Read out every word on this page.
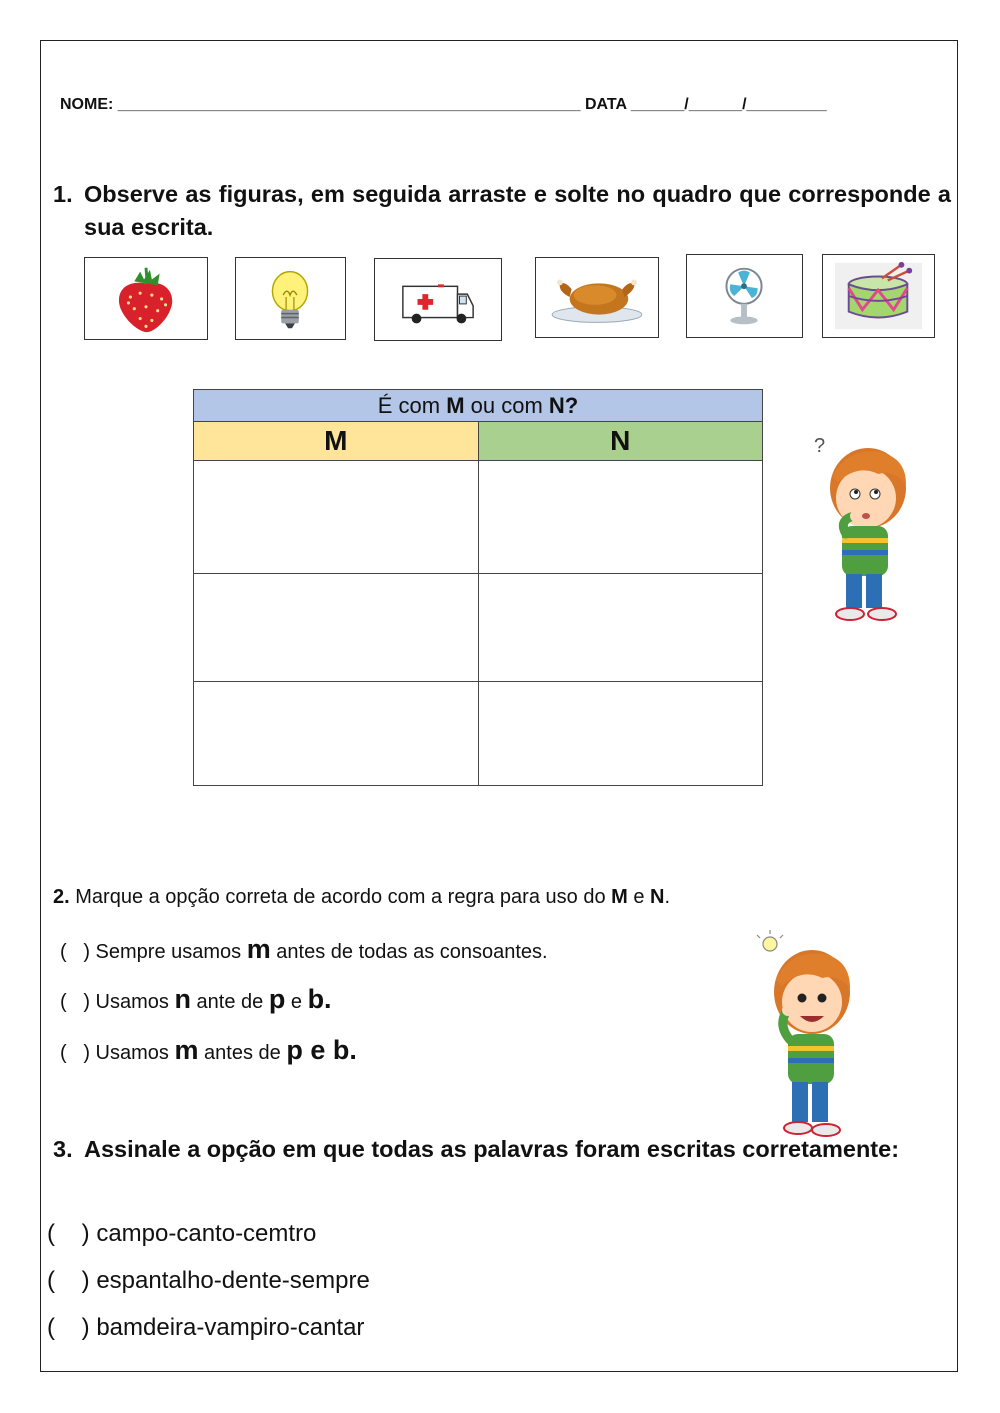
NOME: ____________________________________________________ DATA ______/______/_________
1. Observe as figuras, em seguida arraste e solte no quadro que corresponde a sua escrita.
É com M ou com N?	
M	N

		?
2. Marque a opção correta de acordo com a regra para uso do M e N.
(   ) Sempre usamos m antes de todas as consoantes.
(   ) Usamos n ante de p e b.
(   ) Usamos m antes de p e b.
3. Assinale a opção em que todas as palavras foram escritas corretamente:
(    ) campo-canto-cemtro
(    ) espantalho-dente-sempre
(    ) bamdeira-vampiro-cantar
